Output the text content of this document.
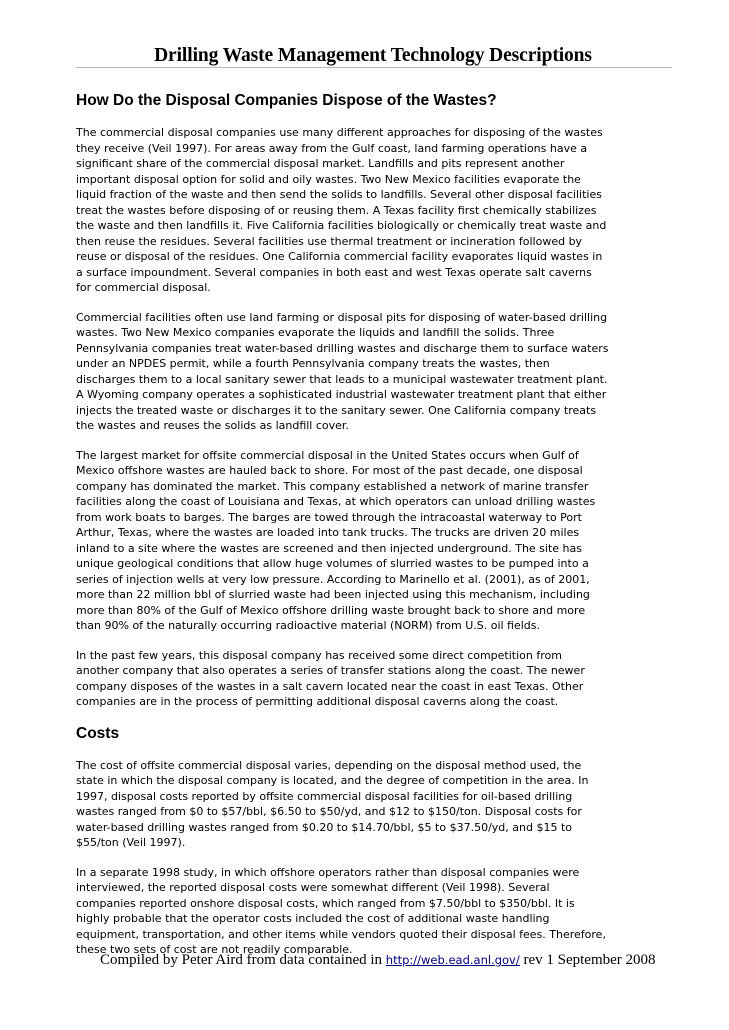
Drilling Waste Management Technology Descriptions
How Do the Disposal Companies Dispose of the Wastes?

The commercial disposal companies use many different approaches for disposing of the wastes
they receive (Veil 1997). For areas away from the Gulf coast, land farming operations have a
significant share of the commercial disposal market. Landfills and pits represent another
important disposal option for solid and oily wastes. Two New Mexico facilities evaporate the
liquid fraction of the waste and then send the solids to landfills. Several other disposal facilities
treat the wastes before disposing of or reusing them. A Texas facility first chemically stabilizes
the waste and then landfills it. Five California facilities biologically or chemically treat waste and
then reuse the residues. Several facilities use thermal treatment or incineration followed by
reuse or disposal of the residues. One California commercial facility evaporates liquid wastes in
a surface impoundment. Several companies in both east and west Texas operate salt caverns
for commercial disposal.

Commercial facilities often use land farming or disposal pits for disposing of water-based drilling
wastes. Two New Mexico companies evaporate the liquids and landfill the solids. Three
Pennsylvania companies treat water-based drilling wastes and discharge them to surface waters
under an NPDES permit, while a fourth Pennsylvania company treats the wastes, then
discharges them to a local sanitary sewer that leads to a municipal wastewater treatment plant.
A Wyoming company operates a sophisticated industrial wastewater treatment plant that either
injects the treated waste or discharges it to the sanitary sewer. One California company treats
the wastes and reuses the solids as landfill cover.

The largest market for offsite commercial disposal in the United States occurs when Gulf of
Mexico offshore wastes are hauled back to shore. For most of the past decade, one disposal
company has dominated the market. This company established a network of marine transfer
facilities along the coast of Louisiana and Texas, at which operators can unload drilling wastes
from work boats to barges. The barges are towed through the intracoastal waterway to Port
Arthur, Texas, where the wastes are loaded into tank trucks. The trucks are driven 20 miles
inland to a site where the wastes are screened and then injected underground. The site has
unique geological conditions that allow huge volumes of slurried wastes to be pumped into a
series of injection wells at very low pressure. According to Marinello et al. (2001), as of 2001,
more than 22 million bbl of slurried waste had been injected using this mechanism, including
more than 80% of the Gulf of Mexico offshore drilling waste brought back to shore and more
than 90% of the naturally occurring radioactive material (NORM) from U.S. oil fields.

In the past few years, this disposal company has received some direct competition from
another company that also operates a series of transfer stations along the coast. The newer
company disposes of the wastes in a salt cavern located near the coast in east Texas. Other
companies are in the process of permitting additional disposal caverns along the coast.

Costs

The cost of offsite commercial disposal varies, depending on the disposal method used, the
state in which the disposal company is located, and the degree of competition in the area. In
1997, disposal costs reported by offsite commercial disposal facilities for oil-based drilling
wastes ranged from $0 to $57/bbl, $6.50 to $50/yd, and $12 to $150/ton. Disposal costs for
water-based drilling wastes ranged from $0.20 to $14.70/bbl, $5 to $37.50/yd, and $15 to
$55/ton (Veil 1997).

In a separate 1998 study, in which offshore operators rather than disposal companies were
interviewed, the reported disposal costs were somewhat different (Veil 1998). Several
companies reported onshore disposal costs, which ranged from $7.50/bbl to $350/bbl. It is
highly probable that the operator costs included the cost of additional waste handling
equipment, transportation, and other items while vendors quoted their disposal fees. Therefore,
these two sets of cost are not readily comparable.

Compiled by Peter Aird from data contained in http://web.ead.anl.gov/ rev 1 September 2008
